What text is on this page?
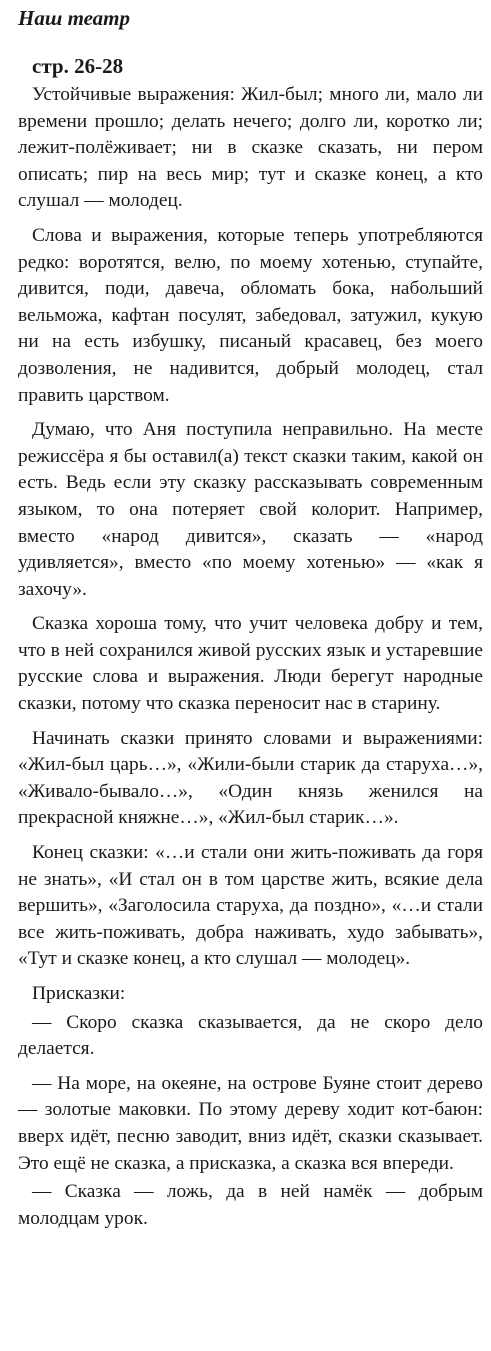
Наш театр
стр. 26-28

Устойчивые выражения: Жил-был; много ли, мало ли времени прошло; делать нечего; долго ли, коротко ли; лежит-полёживает; ни в сказке сказать, ни пером описать; пир на весь мир; тут и сказке конец, а кто слушал — молодец.

Слова и выражения, которые теперь употребляются редко: воротятся, велю, по моему хотенью, ступайте, дивится, поди, давеча, обломать бока, набольший вельможа, кафтан посулят, забедовал, затужил, кукую ни на есть избушку, писаный красавец, без моего дозволения, не надивится, добрый молодец, стал править царством.

Думаю, что Аня поступила неправильно. На месте режиссёра я бы оставил(а) текст сказки таким, какой он есть. Ведь если эту сказку рассказывать современным языком, то она потеряет свой колорит. Например, вместо «народ дивится», сказать — «народ удивляется», вместо «по моему хотенью» — «как я захочу».

Сказка хороша тому, что учит человека добру и тем, что в ней сохранился живой русских язык и устаревшие русские слова и выражения. Люди берегут народные сказки, потому что сказка переносит нас в старину.

Начинать сказки принято словами и выражениями: «Жил-был царь…», «Жили-были старик да старуха…», «Живало-бывало…», «Один князь женился на прекрасной княжне…», «Жил-был старик…».

Конец сказки: «…и стали они жить-поживать да горя не знать», «И стал он в том царстве жить, всякие дела вершить», «Заголосила старуха, да поздно», «…и стали все жить-поживать, добра наживать, худо забывать», «Тут и сказке конец, а кто слушал — молодец».

Присказки:

— Скоро сказка сказывается, да не скоро дело делается.

— На море, на океяне, на острове Буяне стоит дерево — золотые маковки. По этому дереву ходит кот-баюн: вверх идёт, песню заводит, вниз идёт, сказки сказывает. Это ещё не сказка, а присказка, а сказка вся впереди.

— Сказка — ложь, да в ней намёк — добрым молодцам урок.
